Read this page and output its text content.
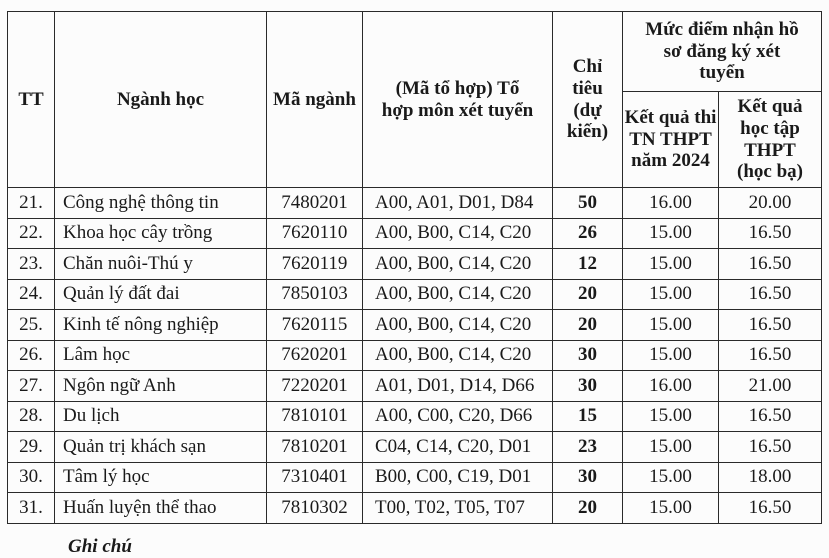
TT	Ngành học	Mã ngành	(Mã tổ hợp) Tổ hợp môn xét tuyển	Chỉ tiêu (dự kiến)	Mức điểm nhận hồ sơ đăng ký xét tuyển	
					Kết quả thi TN THPT năm 2024	Kết quả học tập THPT (học bạ)
21.	Công nghệ thông tin	7480201	A00, A01, D01, D84	50	16.00	20.00
22.	Khoa học cây trồng	7620110	A00, B00, C14, C20	26	15.00	16.50
23.	Chăn nuôi-Thú y	7620119	A00, B00, C14, C20	12	15.00	16.50
24.	Quản lý đất đai	7850103	A00, B00, C14, C20	20	15.00	16.50
25.	Kinh tế nông nghiệp	7620115	A00, B00, C14, C20	20	15.00	16.50
26.	Lâm học	7620201	A00, B00, C14, C20	30	15.00	16.50
27.	Ngôn ngữ Anh	7220201	A01, D01, D14, D66	30	16.00	21.00
28.	Du lịch	7810101	A00, C00, C20, D66	15	15.00	16.50
29.	Quản trị khách sạn	7810201	C04, C14, C20, D01	23	15.00	16.50
30.	Tâm lý học	7310401	B00, C00, C19, D01	30	15.00	18.00
31.	Huấn luyện thể thao	7810302	T00, T02, T05, T07	20	15.00	16.50
Ghi chú
